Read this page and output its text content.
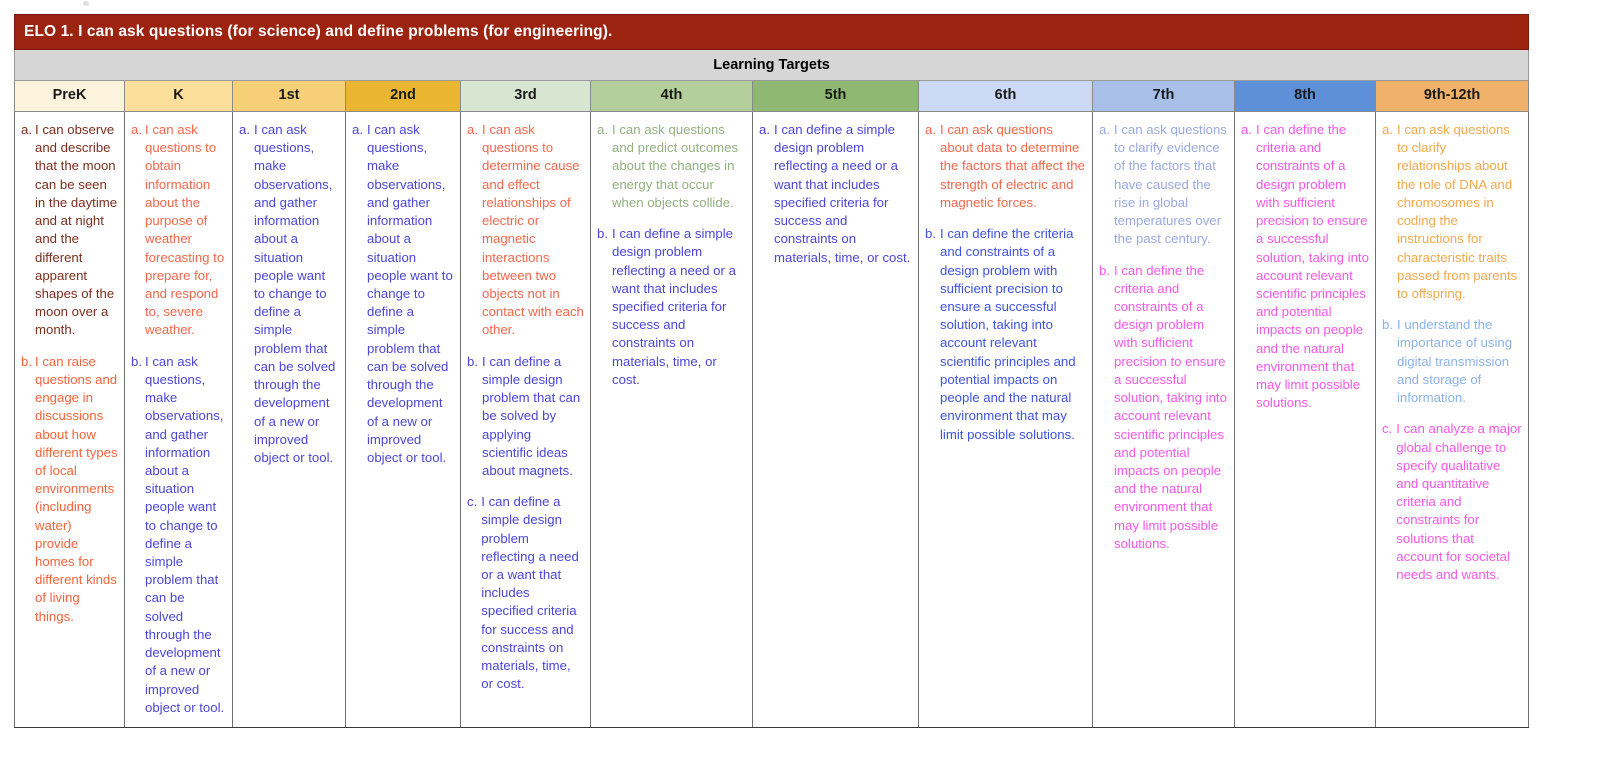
ELO 1. I can ask questions (for science) and define problems (for engineering).										
Learning Targets										
PreK	K	1st	2nd	3rd	4th	5th	6th	7th	8th	9th-12th

a. I can observe and describe that the moon can be seen in the daytime and at night and the different apparent shapes of the moon over a month.
b. I can raise questions and engage in discussions about how different types of local environments (including water) provide homes for different kinds of living things.

a. I can ask questions to obtain information about the purpose of weather forecasting to prepare for, and respond to, severe weather.
b. I can ask questions, make observations, and gather information about a situation people want to change to define a simple problem that can be solved through the development of a new or improved object or tool.

a. I can ask questions, make observations, and gather information about a situation people want to change to define a simple problem that can be solved through the development of a new or improved object or tool.

a. I can ask questions, make observations, and gather information about a situation people want to change to define a simple problem that can be solved through the development of a new or improved object or tool.

a. I can ask questions to determine cause and effect relationships of electric or magnetic interactions between two objects not in contact with each other.
b. I can define a simple design problem that can be solved by applying scientific ideas about magnets.
c. I can define a simple design problem reflecting a need or a want that includes specified criteria for success and constraints on materials, time, or cost.

a. I can ask questions and predict outcomes about the changes in energy that occur when objects collide.
b. I can define a simple design problem reflecting a need or a want that includes specified criteria for success and constraints on materials, time, or cost.

a. I can define a simple design problem reflecting a need or a want that includes specified criteria for success and constraints on materials, time, or cost.

a. I can ask questions about data to determine the factors that affect the strength of electric and magnetic forces.
b. I can define the criteria and constraints of a design problem with sufficient precision to ensure a successful solution, taking into account relevant scientific principles and potential impacts on people and the natural environment that may limit possible solutions.

a. I can ask questions to clarify evidence of the factors that have caused the rise in global temperatures over the past century.
b. I can define the criteria and constraints of a design problem with sufficient precision to ensure a successful solution, taking into account relevant scientific principles and potential impacts on people and the natural environment that may limit possible solutions.

a. I can define the criteria and constraints of a design problem with sufficient precision to ensure a successful solution, taking into account relevant scientific principles and potential impacts on people and the natural environment that may limit possible solutions.

a. I can ask questions to clarify relationships about the role of DNA and chromosomes in coding the instructions for characteristic traits passed from parents to offspring.
b. I understand the importance of using digital transmission and storage of information.
c. I can analyze a major global challenge to specify qualitative and quantitative criteria and constraints for solutions that account for societal needs and wants.
